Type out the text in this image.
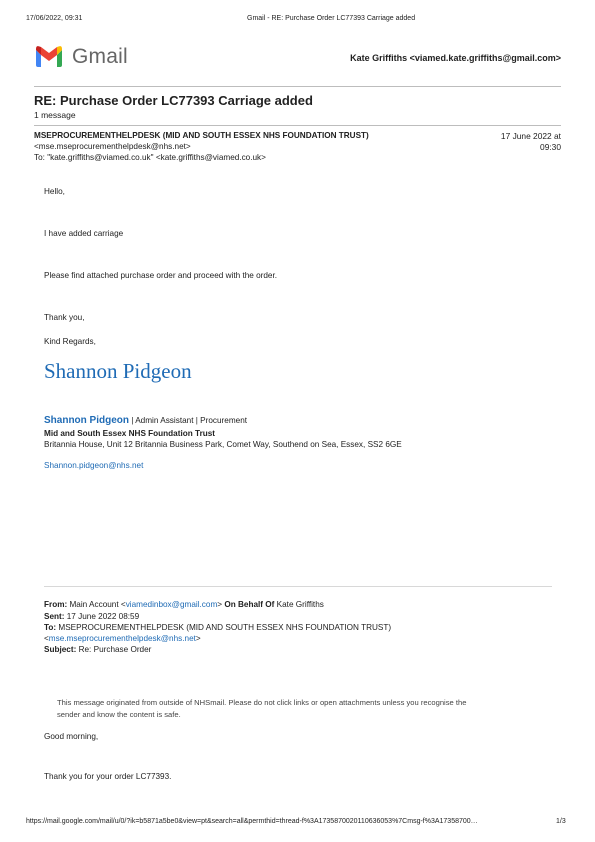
17/06/2022, 09:31	Gmail - RE: Purchase Order LC77393 Carriage added
Gmail	Kate Griffiths <viamed.kate.griffiths@gmail.com>
RE: Purchase Order LC77393 Carriage added
1 message
MSEPROCUREMENTHELPDESK (MID AND SOUTH ESSEX NHS FOUNDATION TRUST)
<mse.mseprocurementhelpdesk@nhs.net>
To: "kate.griffiths@viamed.co.uk" <kate.griffiths@viamed.co.uk>
17 June 2022 at
09:30
Hello,
I have added carriage
Please find attached purchase order and proceed with the order.
Thank you,
Kind Regards,
Shannon Pidgeon
Shannon Pidgeon | Admin Assistant | Procurement
Mid and South Essex NHS Foundation Trust
Britannia House, Unit 12 Britannia Business Park, Comet Way, Southend on Sea, Essex, SS2 6GE
Shannon.pidgeon@nhs.net
From: Main Account <viamedinbox@gmail.com> On Behalf Of Kate Griffiths
Sent: 17 June 2022 08:59
To: MSEPROCUREMENTHELPDESK (MID AND SOUTH ESSEX NHS FOUNDATION TRUST)
<mse.mseprocurementhelpdesk@nhs.net>
Subject: Re: Purchase Order
This message originated from outside of NHSmail. Please do not click links or open attachments unless you recognise the
sender and know the content is safe.
Good morning,
Thank you for your order LC77393.
https://mail.google.com/mail/u/0/?ik=b5871a5be0&view=pt&search=all&permthid=thread-f%3A1735870020110636053%7Cmsg-f%3A17358700…	1/3
